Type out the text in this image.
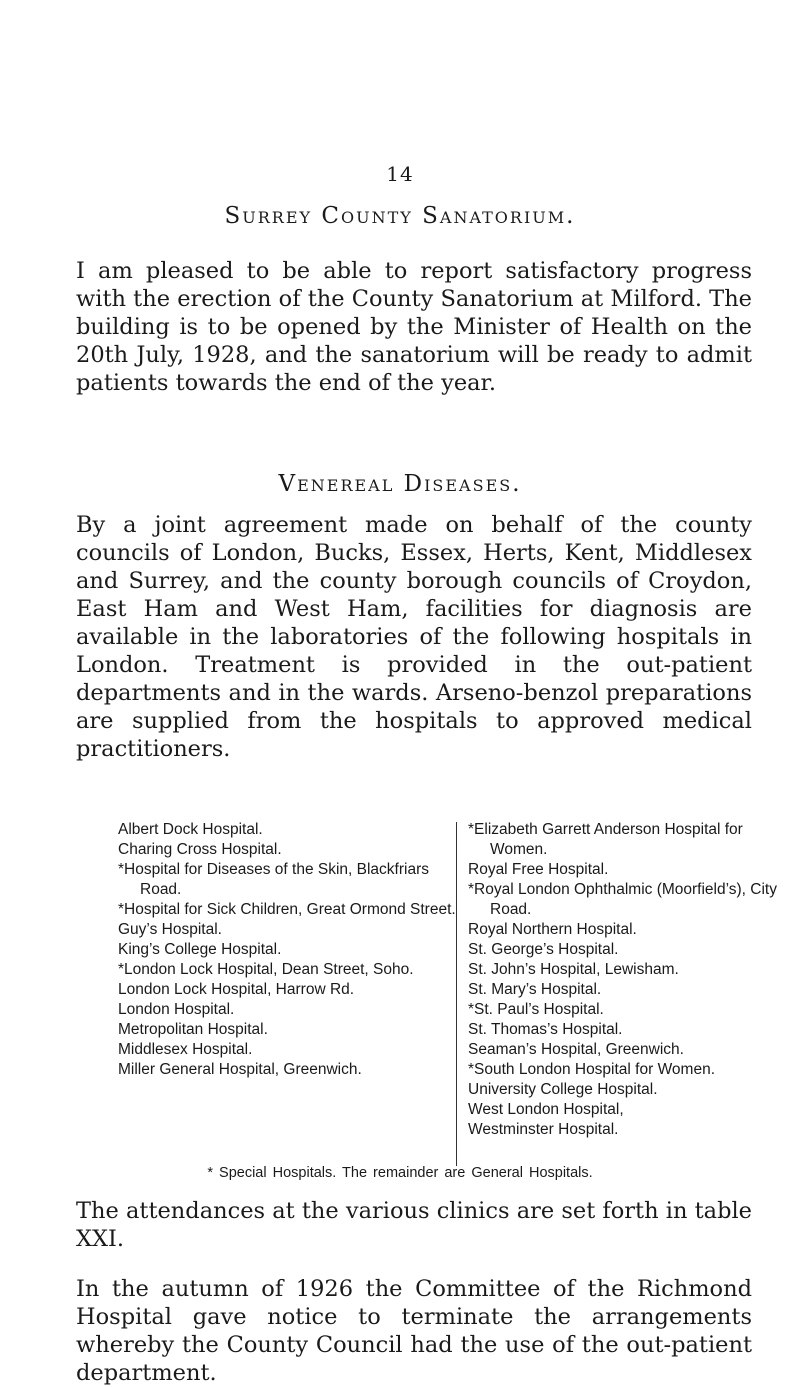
14
Surrey County Sanatorium.

I am pleased to be able to report satisfactory progress with the erection of the County Sanatorium at Milford. The building is to be opened by the Minister of Health on the 20th July, 1928, and the sanatorium will be ready to admit patients towards the end of the year.

Venereal Diseases.

By a joint agreement made on behalf of the county councils of London, Bucks, Essex, Herts, Kent, Middlesex and Surrey, and the county borough councils of Croydon, East Ham and West Ham, facilities for diagnosis are available in the laboratories of the following hospitals in London. Treatment is provided in the out-patient departments and in the wards. Arseno-benzol preparations are supplied from the hospitals to approved medical practitioners.

Albert Dock Hospital.
Charing Cross Hospital.
*Hospital for Diseases of the Skin, Blackfriars Road.
*Hospital for Sick Children, Great Ormond Street.
Guy’s Hospital.
King’s College Hospital.
*London Lock Hospital, Dean Street, Soho.
London Lock Hospital, Harrow Rd.
London Hospital.
Metropolitan Hospital.
Middlesex Hospital.
Miller General Hospital, Greenwich.
*Elizabeth Garrett Anderson Hospital for Women.
Royal Free Hospital.
*Royal London Ophthalmic (Moorfield’s), City Road.
Royal Northern Hospital.
St. George’s Hospital.
St. John’s Hospital, Lewisham.
St. Mary’s Hospital.
*St. Paul’s Hospital.
St. Thomas’s Hospital.
Seaman’s Hospital, Greenwich.
*South London Hospital for Women.
University College Hospital.
West London Hospital,
Westminster Hospital.
* Special Hospitals. The remainder are General Hospitals.

The attendances at the various clinics are set forth in table XXI.

In the autumn of 1926 the Committee of the Richmond Hospital gave notice to terminate the arrangements whereby the County Council had the use of the out-patient department.
